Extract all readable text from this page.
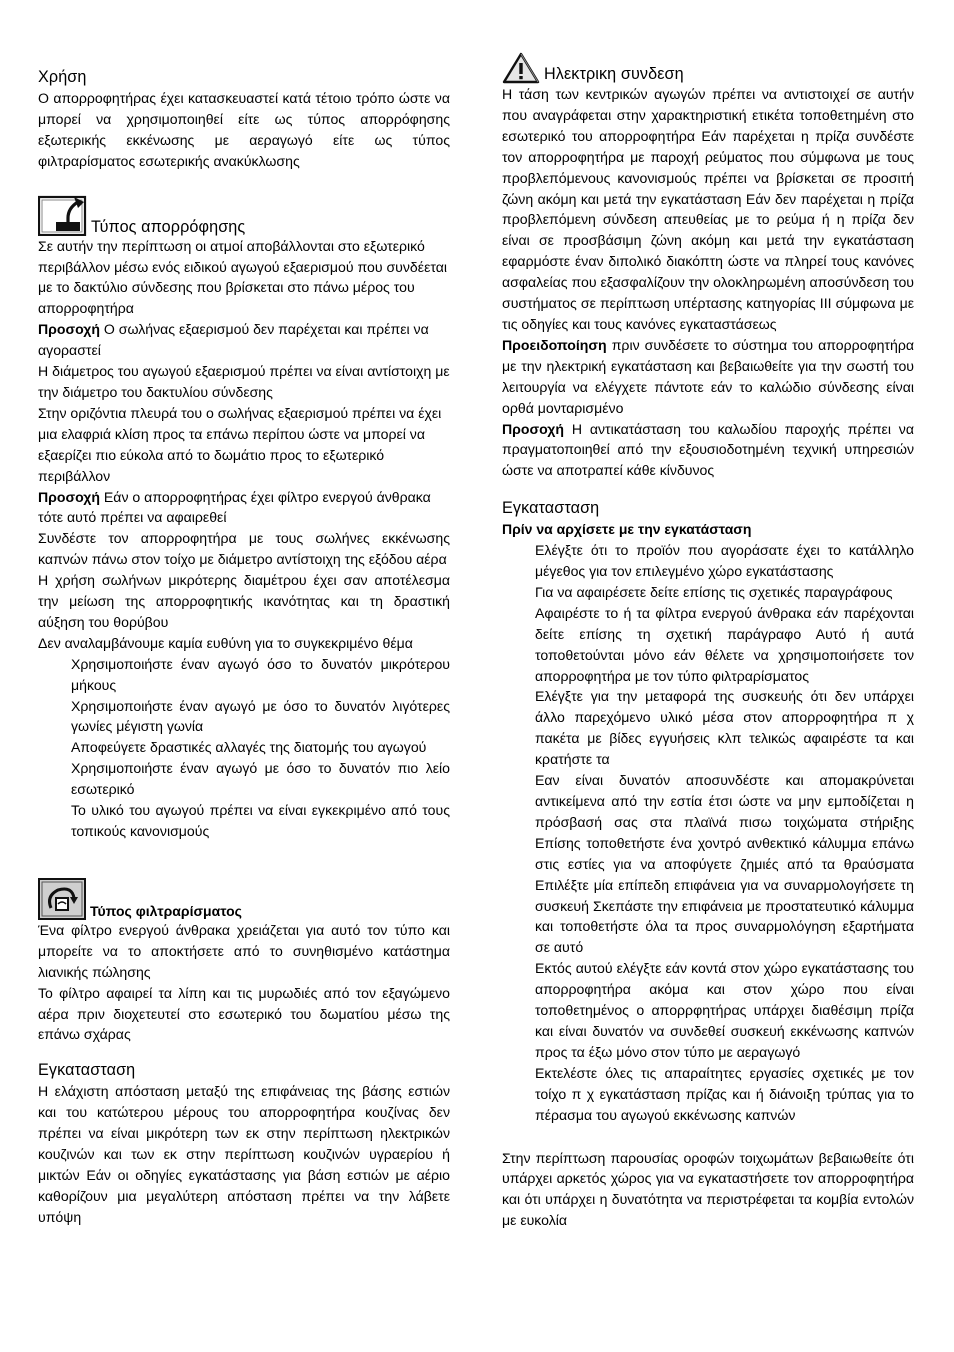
Χρήση

Ο απορροφητήρας έχει κατασκευαστεί κατά τέτοιο τρόπο ώστε να μπορεί να χρησιμοποιηθεί είτε ως τύπος απορρόφησης εξωτερικής εκκένωσης με αεραγωγό είτε ως τύπος φιλτραρίσματος εσωτερικής ανακύκλωσης

Τύπος απορρόφησης

Σε αυτήν την περίπτωση οι ατμοί αποβάλλονται στο εξωτερικό περιβάλλον μέσω ενός ειδικού αγωγού εξαερισμού που συνδέεται με το δακτύλιο σύνδεσης που βρίσκεται στο πάνω μέρος του απορροφητήρα

Προσοχή Ο σωλήνας εξαερισμού δεν παρέχεται και πρέπει να αγοραστεί

Η διάμετρος του αγωγού εξαερισμού πρέπει να είναι αντίστοιχη με την διάμετρο του δακτυλίου σύνδεσης

Στην οριζόντια πλευρά του ο σωλήνας εξαερισμού πρέπει να έχει μια ελαφριά κλίση προς τα επάνω περίπου ώστε να μπορεί να εξαερίζει πιο εύκολα από το δωμάτιο προς το εξωτερικό περιβάλλον

Προσοχή Εάν ο απορροφητήρας έχει φίλτρο ενεργού άνθρακα τότε αυτό πρέπει να αφαιρεθεί

Συνδέστε τον απορροφητήρα με τους σωλήνες εκκένωσης καπνών πάνω στον τοίχο με διάμετρο αντίστοιχη της εξόδου αέρα

Η χρήση σωλήνων μικρότερης διαμέτρου έχει σαν αποτέλεσμα την μείωση της απορροφητικής ικανότητας και τη δραστική αύξηση του θορύβου

Δεν αναλαμβάνουμε καμία ευθύνη για το συγκεκριμένο θέμα

Χρησιμοποιήστε έναν αγωγό όσο το δυνατόν μικρότερου μήκους

Χρησιμοποιήστε έναν αγωγό με όσο το δυνατόν λιγότερες γωνίες μέγιστη γωνία

Αποφεύγετε δραστικές αλλαγές της διατομής του αγωγού

Χρησιμοποιήστε έναν αγωγό με όσο το δυνατόν πιο λείο εσωτερικό

Το υλικό του αγωγού πρέπει να είναι εγκεκριμένο από τους τοπικούς κανονισμούς

Τύπος φιλτραρίσματος

Ένα φίλτρο ενεργού άνθρακα χρειάζεται για αυτό τον τύπο και μπορείτε να το αποκτήσετε από το συνηθισμένο κατάστημα λιανικής πώλησης

Το φίλτρο αφαιρεί τα λίπη και τις μυρωδιές από τον εξαγώμενο αέρα πριν διοχετευτεί στο εσωτερικό του δωματίου μέσω της επάνω σχάρας

Εγκατασταση

Η ελάχιστη απόσταση μεταξύ της επιφάνειας της βάσης εστιών και του κατώτερου μέρους του απορροφητήρα κουζίνας δεν πρέπει να είναι μικρότερη των εκ στην περίπτωση ηλεκτρικών κουζινών και των εκ στην περίπτωση κουζινών υγραερίου ή μικτών Εάν οι οδηγίες εγκατάστασης για βάση εστιών με αέριο καθορίζουν μια μεγαλύτερη απόσταση πρέπει να την λάβετε υπόψη

Ηλεκτρικη συνδεση

Η τάση των κεντρικών αγωγών πρέπει να αντιστοιχεί σε αυτήν που αναγράφεται στην χαρακτηριστική ετικέτα τοποθετημένη στο εσωτερικό του απορροφητήρα Εάν παρέχεται η πρίζα συνδέστε τον απορροφητήρα με παροχή ρεύματος που σύμφωνα με τους προβλεπόμενους κανονισμούς πρέπει να βρίσκεται σε προσιτή ζώνη ακόμη και μετά την εγκατάσταση Εάν δεν παρέχεται η πρίζα προβλεπόμενη σύνδεση απευθείας με το ρεύμα ή η πρίζα δεν είναι σε προσβάσιμη ζώνη ακόμη και μετά την εγκατάσταση εφαρμόστε έναν διπολικό διακόπτη ώστε να πληρεί τους κανόνες ασφαλείας που εξασφαλίζουν την ολοκληρωμένη αποσύνδεση του συστήματος σε περίπτωση υπέρτασης κατηγορίας III σύμφωνα με τις οδηγίες και τους κανόνες εγκαταστάσεως

Προειδοποίηση πριν συνδέσετε το σύστημα του απορροφητήρα με την ηλεκτρική εγκατάσταση και βεβαιωθείτε για την σωστή του λειτουργία να ελέγχετε πάντοτε εάν το καλώδιο σύνδεσης είναι ορθά μονταρισμένο

Προσοχή Η αντικατάσταση του καλωδίου παροχής πρέπει να πραγματοποιηθεί από την εξουσιοδοτημένη τεχνική υπηρεσιών ώστε να αποτραπεί κάθε κίνδυνος

Εγκατασταση
Πρίν να αρχίσετε με την εγκατάσταση

Ελέγξτε ότι το προϊόν που αγοράσατε έχει το κατάλληλο μέγεθος για τον επιλεγμένο χώρο εγκατάστασης

Για να αφαιρέσετε δείτε επίσης τις σχετικές παραγράφους

Αφαιρέστε το ή τα φίλτρα ενεργού άνθρακα εάν παρέχονται δείτε επίσης τη σχετική παράγραφο Αυτό ή αυτά τοποθετούνται μόνο εάν θέλετε να χρησιμοποιήσετε τον απορροφητήρα με τον τύπο φιλτραρίσματος

Ελέγξτε για την μεταφορά της συσκευής ότι δεν υπάρχει άλλο παρεχόμενο υλικό μέσα στον απορροφητήρα π χ πακέτα με βίδες εγγυήσεις κλπ τελικώς αφαιρέστε τα και κρατήστε τα

Εαν είναι δυνατόν αποσυνδέστε και απομακρύνεται αντικείμενα από την εστία έτσι ώστε να μην εμποδίζεται η πρόσβασή σας στα πλαϊνά πισω τοιχώματα στήριξης Επίσης τοποθετήστε ένα χοντρό ανθεκτικό κάλυμμα επάνω στις εστίες για να αποφύγετε ζημιές από τα θραύσματα Επιλέξτε μία επίπεδη επιφάνεια για να συναρμολογήσετε τη συσκευή Σκεπάστε την επιφάνεια με προστατευτικό κάλυμμα και τοποθετήστε όλα τα προς συναρμολόγηση εξαρτήματα σε αυτό

Εκτός αυτού ελέγξτε εάν κοντά στον χώρο εγκατάστασης του απορροφητήρα ακόμα και στον χώρο που είναι τοποθετημένος ο απορρφητήρας υπάρχει διαθέσιμη πρίζα και είναι δυνατόν να συνδεθεί συσκευή εκκένωσης καπνών προς τα έξω μόνο στον τύπο με αεραγωγό

Εκτελέστε όλες τις απαραίτητες εργασίες σχετικές με τον τοίχο π χ εγκατάσταση πρίζας και ή διάνοιξη τρύπας για το πέρασμα του αγωγού εκκένωσης καπνών

Στην περίπτωση παρουσίας οροφών τοιχωμάτων βεβαιωθείτε ότι υπάρχει αρκετός χώρος για να εγκαταστήσετε τον απορροφητήρα και ότι υπάρχει η δυνατότητα να περιστρέφεται τα κομβία εντολών με ευκολία
